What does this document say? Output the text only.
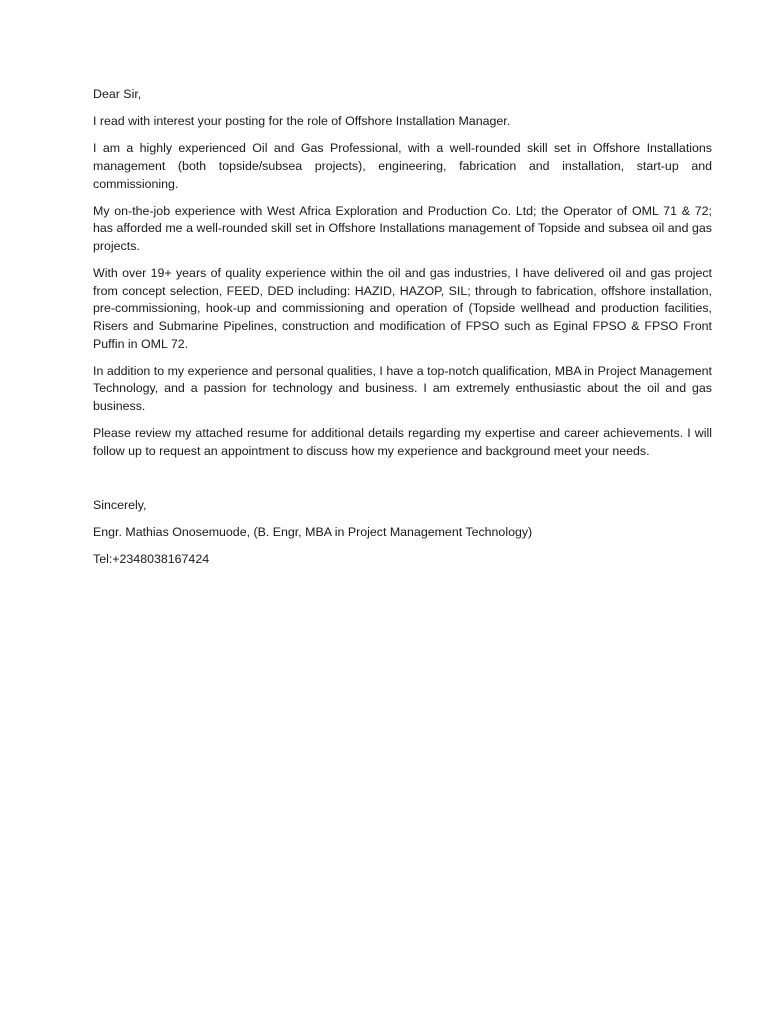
Dear Sir,

I read with interest your posting for the role of Offshore Installation Manager.

I am a highly experienced Oil and Gas Professional, with a well-rounded skill set in Offshore Installations management (both topside/subsea projects), engineering, fabrication and installation, start-up and commissioning.

My on-the-job experience with West Africa Exploration and Production Co. Ltd; the Operator of OML 71 & 72; has afforded me a well-rounded skill set in Offshore Installations management of Topside and subsea oil and gas projects.

With over 19+ years of quality experience within the oil and gas industries, I have delivered oil and gas project from concept selection, FEED, DED including: HAZID, HAZOP, SIL; through to fabrication, offshore installation, pre-commissioning, hook-up and commissioning and operation of (Topside wellhead and production facilities, Risers and Submarine Pipelines, construction and modification of FPSO such as Eginal FPSO & FPSO Front Puffin in OML 72.

In addition to my experience and personal qualities, I have a top-notch qualification, MBA in Project Management Technology, and a passion for technology and business. I am extremely enthusiastic about the oil and gas business.

Please review my attached resume for additional details regarding my expertise and career achievements. I will follow up to request an appointment to discuss how my experience and background meet your needs.

Sincerely,

Engr. Mathias Onosemuode, (B. Engr, MBA in Project Management Technology)

Tel:+2348038167424
